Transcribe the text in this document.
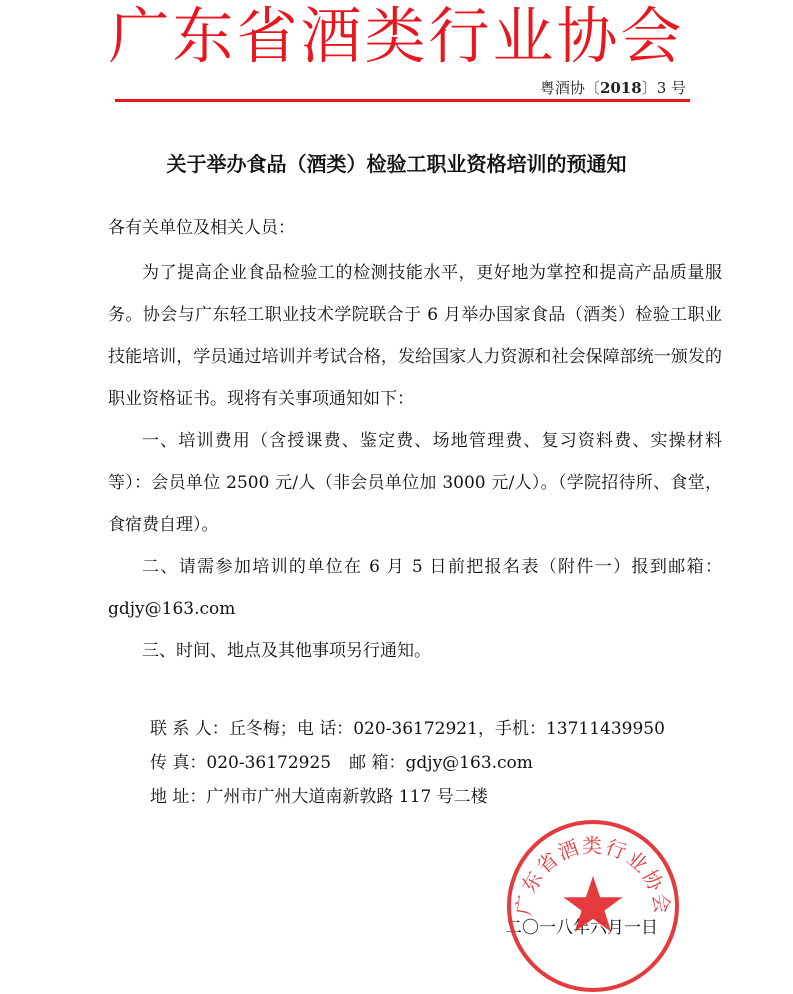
广东省酒类行业协会
粤酒协〔2018〕3 号
关于举办食品（酒类）检验工职业资格培训的预通知
各有关单位及相关人员：

为了提高企业食品检验工的检测技能水平，更好地为掌控和提高产品质量服务。协会与广东轻工职业技术学院联合于 6 月举办国家食品（酒类）检验工职业技能培训，学员通过培训并考试合格，发给国家人力资源和社会保障部统一颁发的职业资格证书。现将有关事项通知如下：

一、培训费用（含授课费、鉴定费、场地管理费、复习资料费、实操材料等）：会员单位 2500 元/人（非会员单位加 3000 元/人）。（学院招待所、食堂，食宿费自理）。

二、请需参加培训的单位在 6 月 5 日前把报名表（附件一）报到邮箱：gdjy@163.com

三、时间、地点及其他事项另行通知。

联 系 人：丘冬梅；电 话：020-36172921，手机：13711439950
传 真：020-36172925 邮 箱：gdjy@163.com
地 址：广州市广州大道南新敦路 117 号二楼
二〇一八年六月一日
广东省酒类行业协会
